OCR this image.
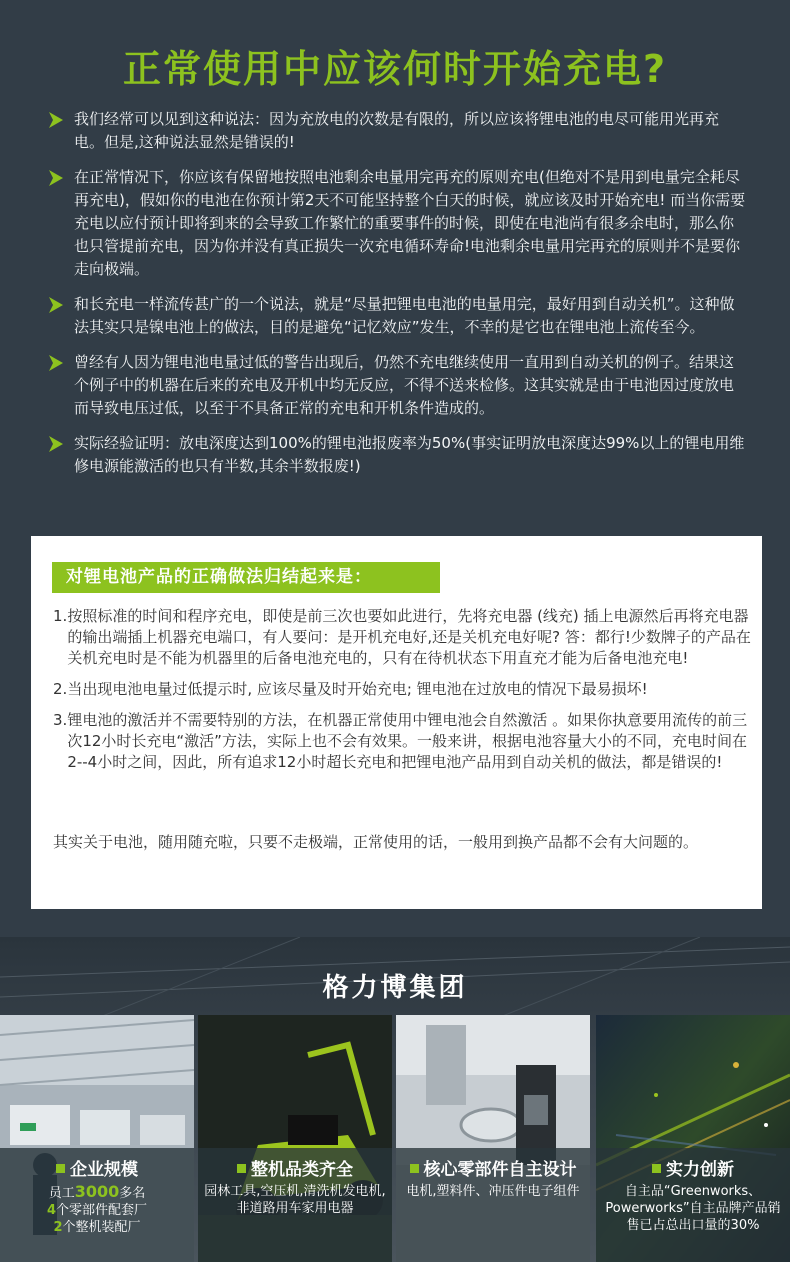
正常使用中应该何时开始充电?
我们经常可以见到这种说法：因为充放电的次数是有限的，所以应该将锂电池的电尽可能用光再充电。但是,这种说法显然是错误的!
在正常情况下，你应该有保留地按照电池剩余电量用完再充的原则充电(但绝对不是用到电量完全耗尽再充电)，假如你的电池在你预计第2天不可能坚持整个白天的时候，就应该及时开始充电! 而当你需要充电以应付预计即将到来的会导致工作繁忙的重要事件的时候，即使在电池尚有很多余电时，那么你也只管提前充电，因为你并没有真正损失一次充电循环寿命!电池剩余电量用完再充的原则并不是要你走向极端。
和长充电一样流传甚广的一个说法，就是“尽量把锂电电池的电量用完，最好用到自动关机”。这种做法其实只是镍电池上的做法，目的是避免“记忆效应”发生，不幸的是它也在锂电池上流传至今。
曾经有人因为锂电池电量过低的警告出现后，仍然不充电继续使用一直用到自动关机的例子。结果这个例子中的机器在后来的充电及开机中均无反应，不得不送来检修。这其实就是由于电池因过度放电而导致电压过低，以至于不具备正常的充电和开机条件造成的。
实际经验证明：放电深度达到100%的锂电池报废率为50%(事实证明放电深度达99%以上的锂电用维修电源能激活的也只有半数,其余半数报废!)
对锂电池产品的正确做法归结起来是：
1. 按照标准的时间和程序充电，即使是前三次也要如此进行，先将充电器 (线充) 插上电源然后再将充电器的输出端插上机器充电端口，有人要问：是开机充电好,还是关机充电好呢? 答：都行!少数牌子的产品在关机充电时是不能为机器里的后备电池充电的，只有在待机状态下用直充才能为后备电池充电!
2. 当出现电池电量过低提示时, 应该尽量及时开始充电; 锂电池在过放电的情况下最易损坏!
3. 锂电池的激活并不需要特别的方法，在机器正常使用中锂电池会自然激活 。如果你执意要用流传的前三次12小时长充电“激活”方法，实际上也不会有效果。一般来讲，根据电池容量大小的不同，充电时间在2--4小时之间，因此，所有追求12小时超长充电和把锂电池产品用到自动关机的做法，都是错误的!
其实关于电池，随用随充啦，只要不走极端，正常使用的话，一般用到换产品都不会有大问题的。
格力博集团
企业规模
员工3000多名
4个零部件配套厂
2个整机装配厂
整机品类齐全
园林工具,空压机,清洗机发电机,非道路用车家用电器
核心零部件自主设计
电机,塑料件、冲压件电子组件
实力创新
自主品“Greenworks、Powerworks”自主品牌产品销售已占总出口量的30%
